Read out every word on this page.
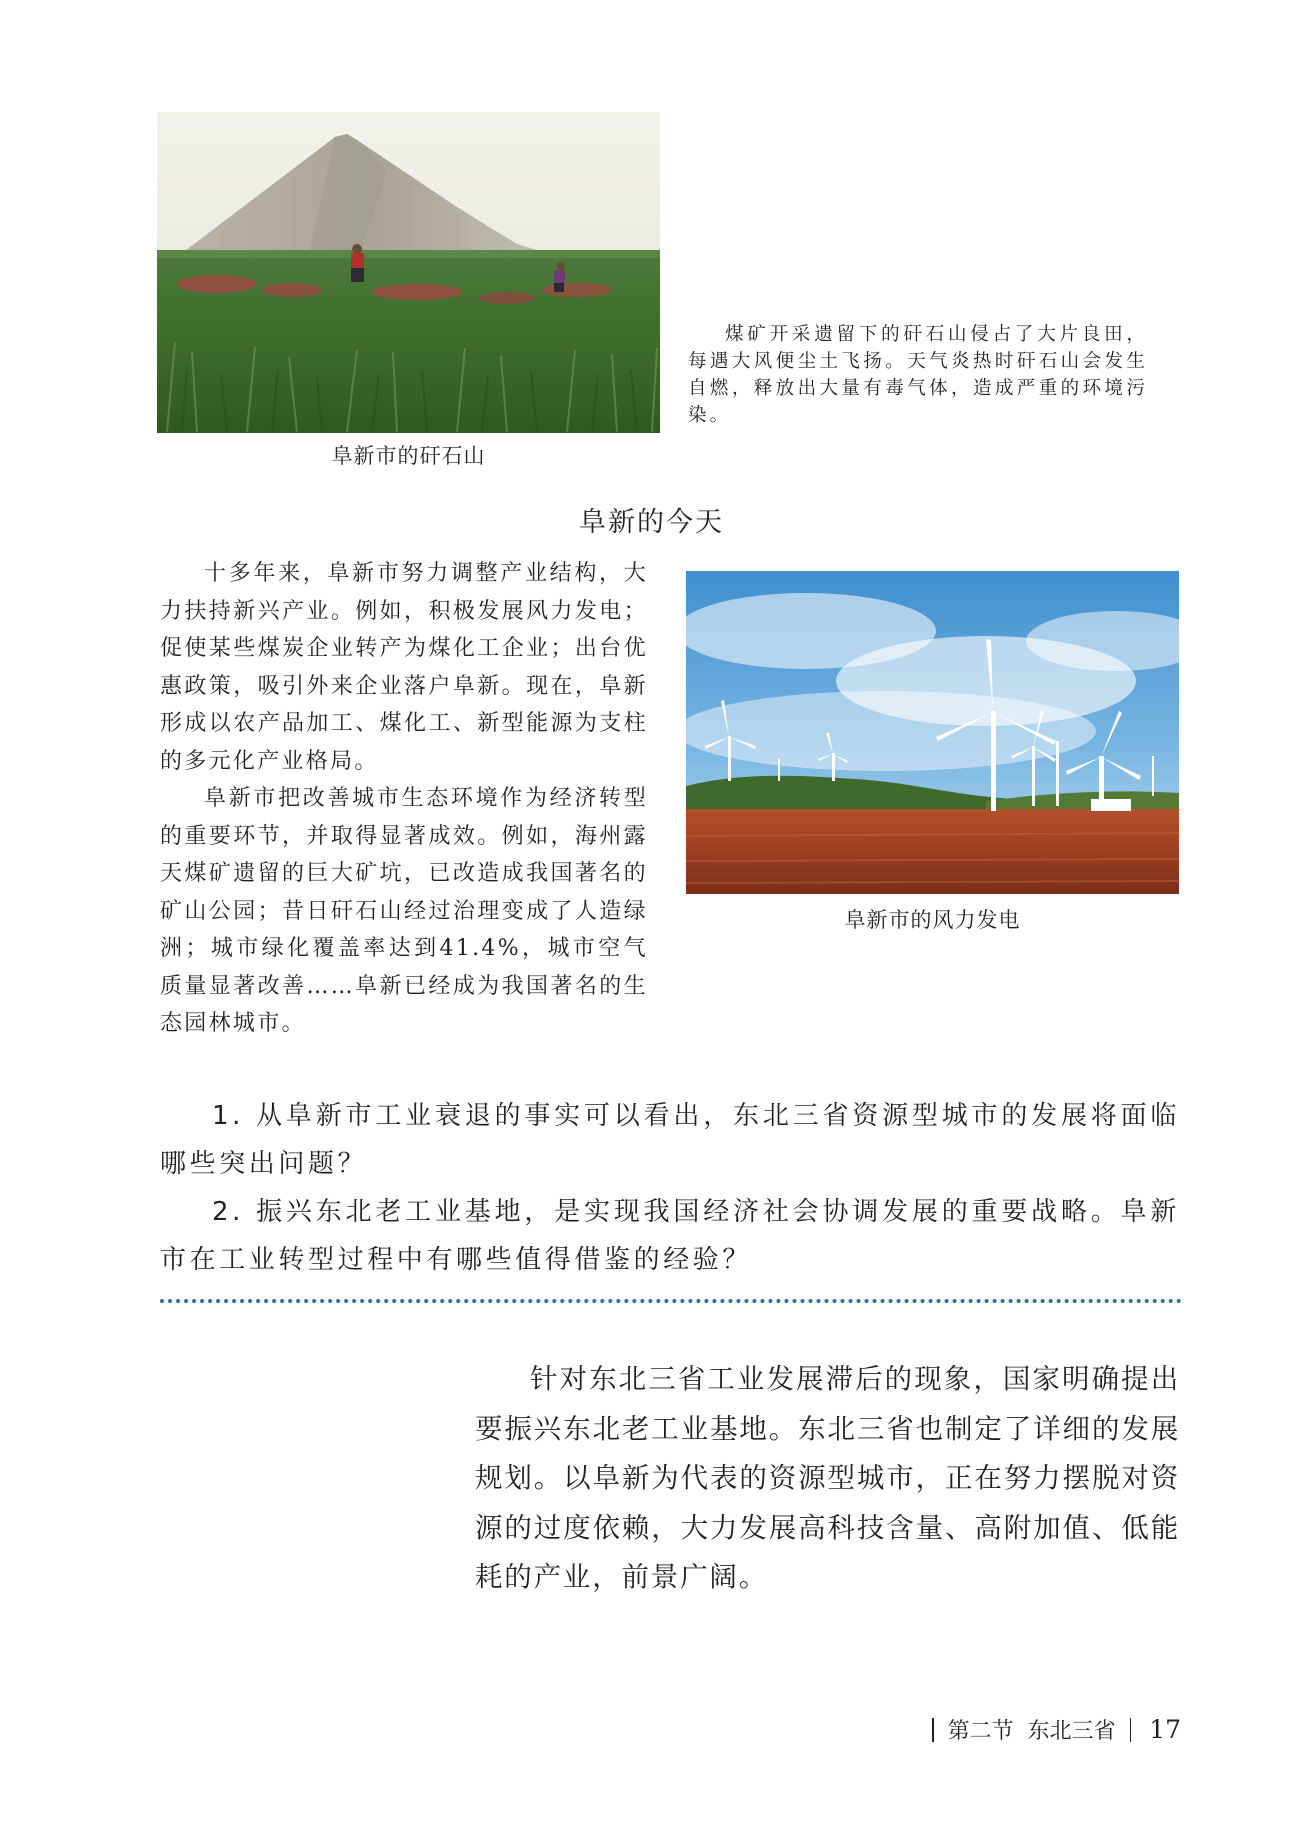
阜新市的矸石山

煤矿开采遗留下的矸石山侵占了大片良田，每遇大风便尘土飞扬。天气炎热时矸石山会发生自燃，释放出大量有毒气体，造成严重的环境污染。

阜新的今天

十多年来，阜新市努力调整产业结构，大力扶持新兴产业。例如，积极发展风力发电；促使某些煤炭企业转产为煤化工企业；出台优惠政策，吸引外来企业落户阜新。现在，阜新形成以农产品加工、煤化工、新型能源为支柱的多元化产业格局。

阜新市把改善城市生态环境作为经济转型的重要环节，并取得显著成效。例如，海州露天煤矿遗留的巨大矿坑，已改造成我国著名的矿山公园；昔日矸石山经过治理变成了人造绿洲；城市绿化覆盖率达到41.4%，城市空气质量显著改善……阜新已经成为我国著名的生态园林城市。

阜新市的风力发电

1. 从阜新市工业衰退的事实可以看出，东北三省资源型城市的发展将面临哪些突出问题？

2. 振兴东北老工业基地，是实现我国经济社会协调发展的重要战略。阜新市在工业转型过程中有哪些值得借鉴的经验？

针对东北三省工业发展滞后的现象，国家明确提出要振兴东北老工业基地。东北三省也制定了详细的发展规划。以阜新为代表的资源型城市，正在努力摆脱对资源的过度依赖，大力发展高科技含量、高附加值、低能耗的产业，前景广阔。

第二节 东北三省 17
